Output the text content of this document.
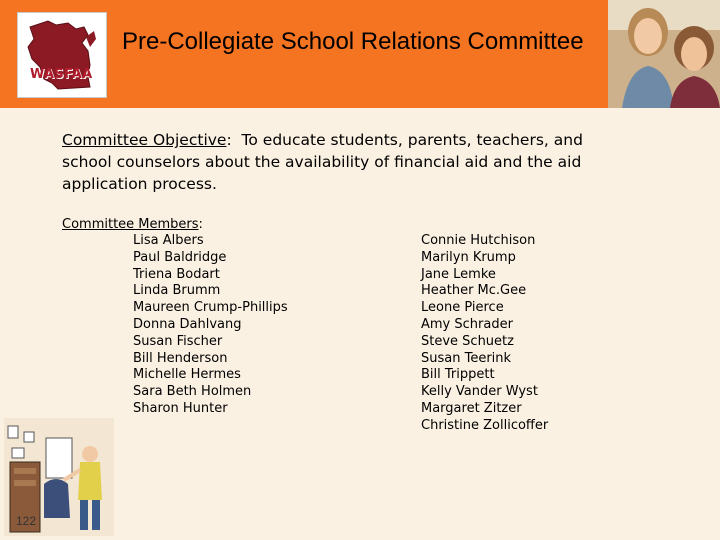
WASFAA
Pre-Collegiate School Relations Committee
Committee Objective:  To educate students, parents, teachers, and school counselors about the availability of financial aid and the aid application process.
Committee Members:
Lisa Albers
Paul Baldridge
Triena Bodart
Linda Brumm
Maureen Crump-Phillips
Donna Dahlvang
Susan Fischer
Bill Henderson
Michelle Hermes
Sara Beth Holmen
Sharon Hunter
Connie Hutchison
Marilyn Krump
Jane Lemke
Heather Mc.Gee
Leone Pierce
Amy Schrader
Steve Schuetz
Susan Teerink
Bill Trippett
Kelly Vander Wyst
Margaret Zitzer
Christine Zollicoffer
122
